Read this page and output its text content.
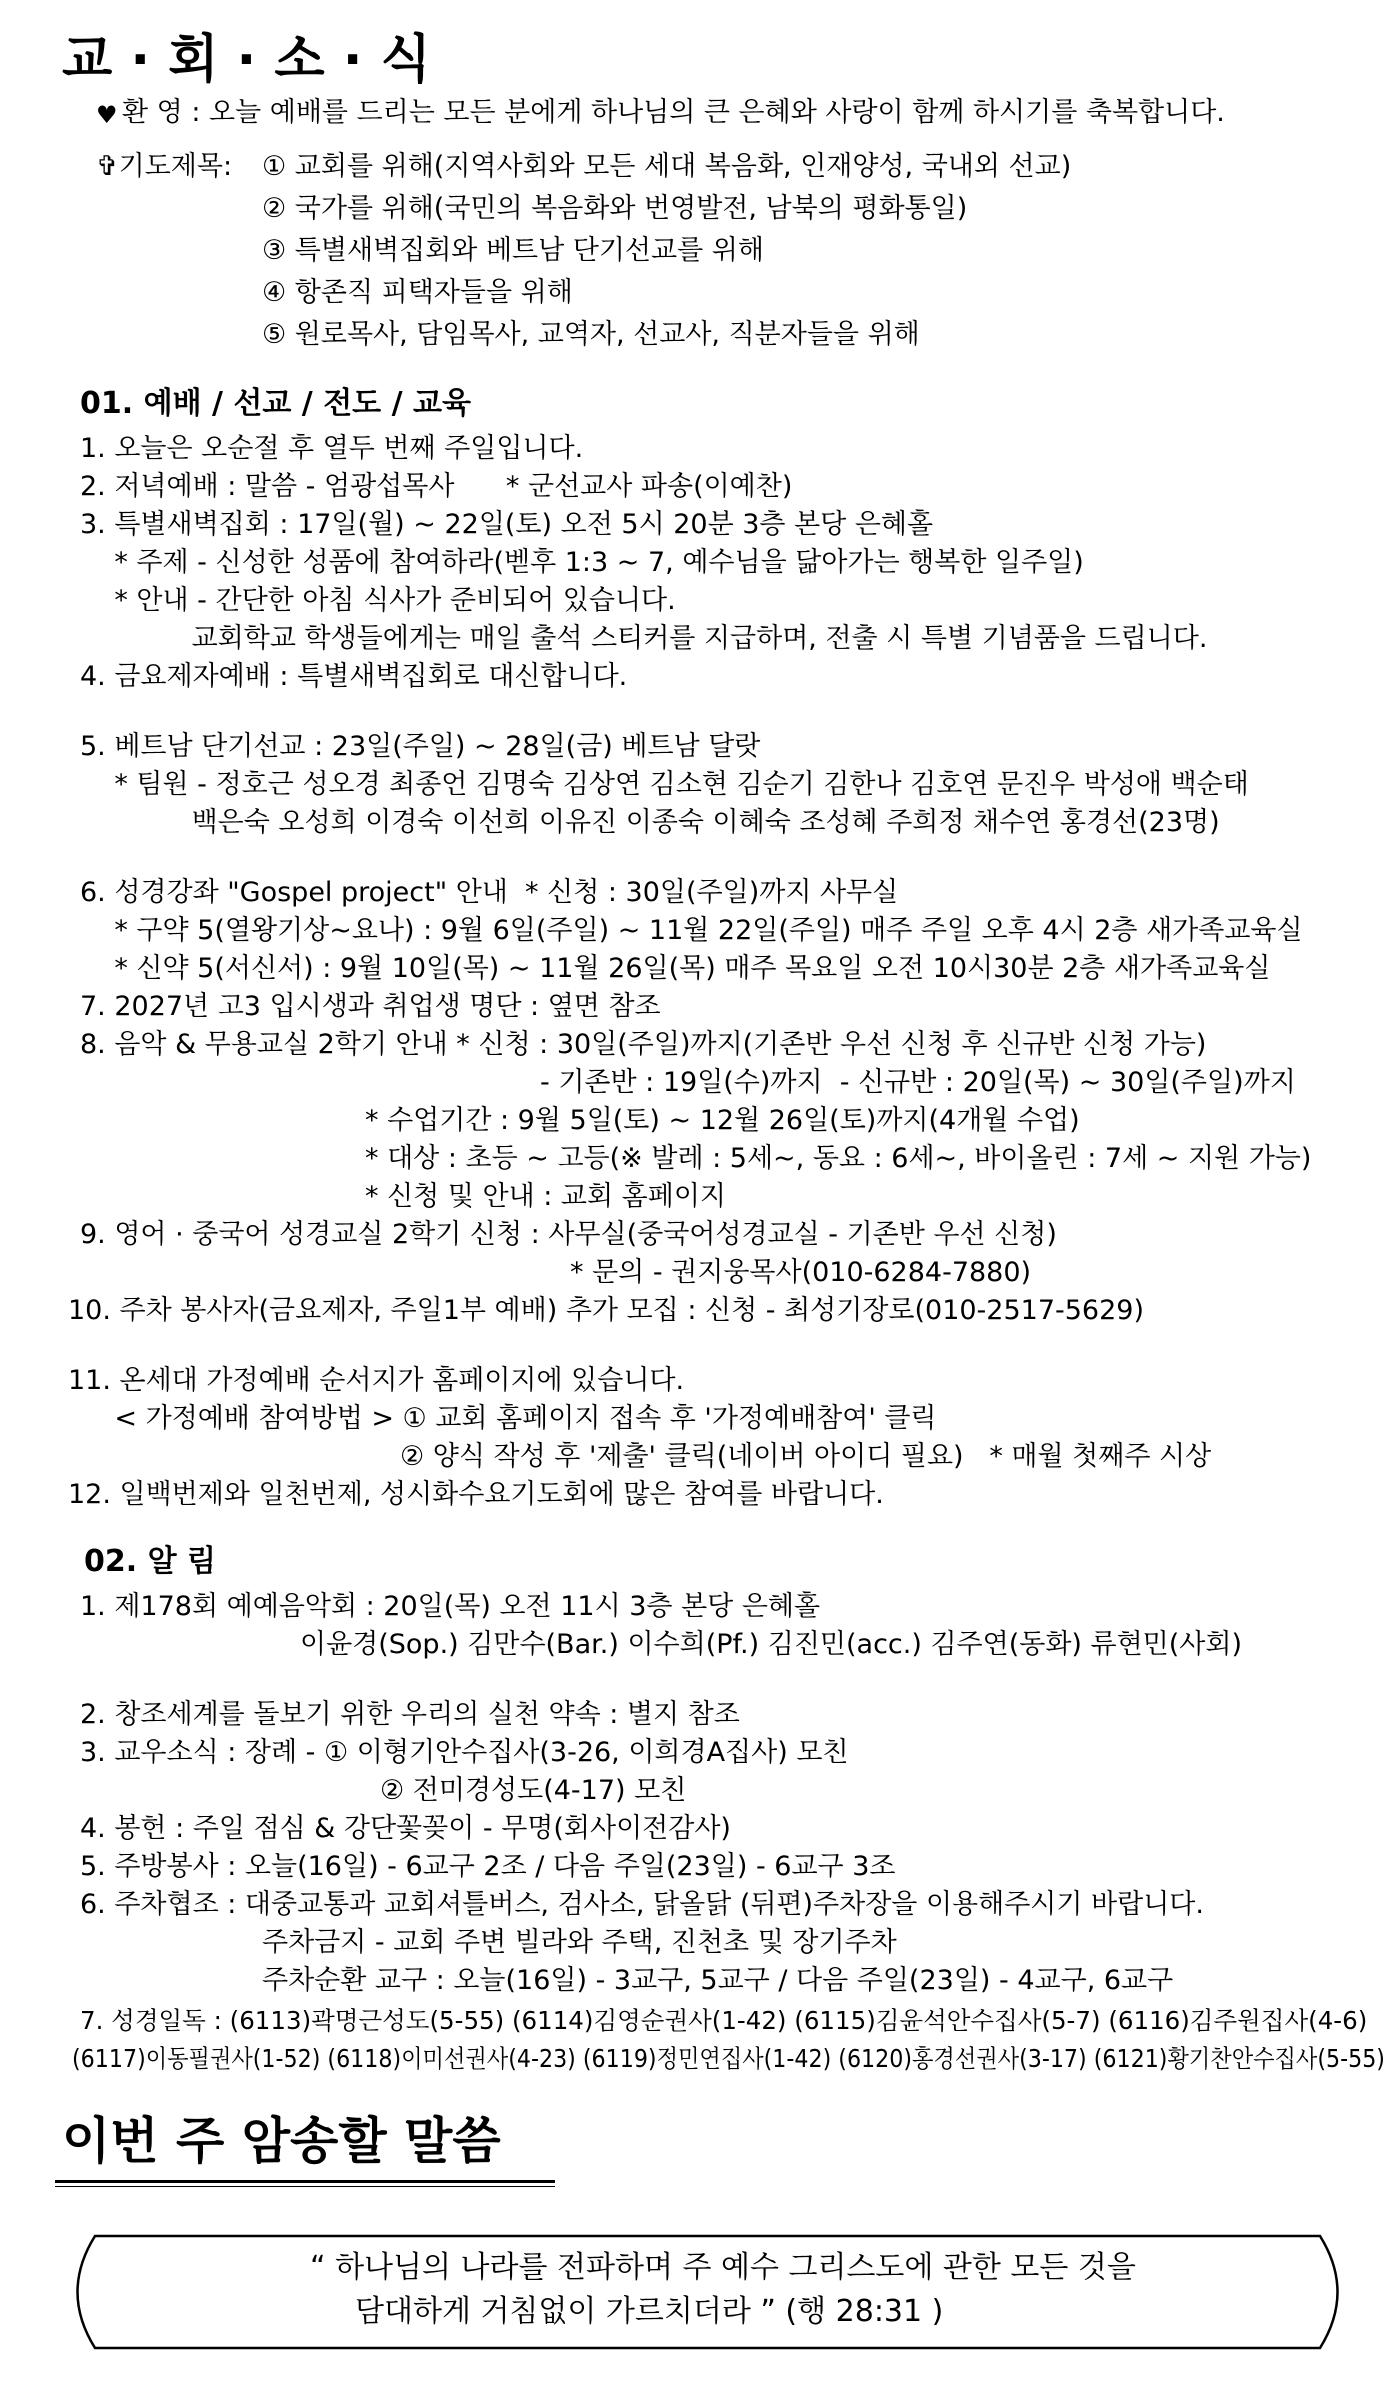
교 · 회 · 소 · 식
♥ 환 영 : 오늘 예배를 드리는 모든 분에게 하나님의 큰 은혜와 사랑이 함께 하시기를 축복합니다.
✞기도제목: ① 교회를 위해(지역사회와 모든 세대 복음화, 인재양성, 국내외 선교)
② 국가를 위해(국민의 복음화와 번영발전, 남북의 평화통일)
③ 특별새벽집회와 베트남 단기선교를 위해
④ 항존직 피택자들을 위해
⑤ 원로목사, 담임목사, 교역자, 선교사, 직분자들을 위해
01. 예배 / 선교 / 전도 / 교육
1. 오늘은 오순절 후 열두 번째 주일입니다.
2. 저녁예배 : 말씀 - 엄광섭목사      * 군선교사 파송(이예찬)
3. 특별새벽집회 : 17일(월) ~ 22일(토) 오전 5시 20분 3층 본당 은혜홀
* 주제 - 신성한 성품에 참여하라(벧후 1:3 ~ 7, 예수님을 닮아가는 행복한 일주일)
* 안내 - 간단한 아침 식사가 준비되어 있습니다.
교회학교 학생들에게는 매일 출석 스티커를 지급하며, 전출 시 특별 기념품을 드립니다.
4. 금요제자예배 : 특별새벽집회로 대신합니다.
5. 베트남 단기선교 : 23일(주일) ~ 28일(금) 베트남 달랏
* 팀원 - 정호근 성오경 최종언 김명숙 김상연 김소현 김순기 김한나 김호연 문진우 박성애 백순태
백은숙 오성희 이경숙 이선희 이유진 이종숙 이혜숙 조성혜 주희정 채수연 홍경선(23명)
6. 성경강좌 "Gospel project" 안내  * 신청 : 30일(주일)까지 사무실
* 구약 5(열왕기상~요나) : 9월 6일(주일) ~ 11월 22일(주일) 매주 주일 오후 4시 2층 새가족교육실
* 신약 5(서신서) : 9월 10일(목) ~ 11월 26일(목) 매주 목요일 오전 10시30분 2층 새가족교육실
7. 2027년 고3 입시생과 취업생 명단 : 옆면 참조
8. 음악 & 무용교실 2학기 안내 * 신청 : 30일(주일)까지(기존반 우선 신청 후 신규반 신청 가능)
- 기존반 : 19일(수)까지  - 신규반 : 20일(목) ~ 30일(주일)까지
* 수업기간 : 9월 5일(토) ~ 12월 26일(토)까지(4개월 수업)
* 대상 : 초등 ~ 고등(※ 발레 : 5세~, 동요 : 6세~, 바이올린 : 7세 ~ 지원 가능)
* 신청 및 안내 : 교회 홈페이지
9. 영어 · 중국어 성경교실 2학기 신청 : 사무실(중국어성경교실 - 기존반 우선 신청)
* 문의 - 권지웅목사(010-6284-7880)
10. 주차 봉사자(금요제자, 주일1부 예배) 추가 모집 : 신청 - 최성기장로(010-2517-5629)
11. 온세대 가정예배 순서지가 홈페이지에 있습니다.
< 가정예배 참여방법 > ① 교회 홈페이지 접속 후 '가정예배참여' 클릭
② 양식 작성 후 '제출' 클릭(네이버 아이디 필요)   * 매월 첫째주 시상
12. 일백번제와 일천번제, 성시화수요기도회에 많은 참여를 바랍니다.
02. 알 림
1. 제178회 예예음악회 : 20일(목) 오전 11시 3층 본당 은혜홀
이윤경(Sop.) 김만수(Bar.) 이수희(Pf.) 김진민(acc.) 김주연(동화) 류현민(사회)
2. 창조세계를 돌보기 위한 우리의 실천 약속 : 별지 참조
3. 교우소식 : 장례 - ① 이형기안수집사(3-26, 이희경A집사) 모친
② 전미경성도(4-17) 모친
4. 봉헌 : 주일 점심 & 강단꽃꽂이 - 무명(회사이전감사)
5. 주방봉사 : 오늘(16일) - 6교구 2조 / 다음 주일(23일) - 6교구 3조
6. 주차협조 : 대중교통과 교회셔틀버스, 검사소, 닭올닭 (뒤편)주차장을 이용해주시기 바랍니다.
주차금지 - 교회 주변 빌라와 주택, 진천초 및 장기주차
주차순환 교구 : 오늘(16일) - 3교구, 5교구 / 다음 주일(23일) - 4교구, 6교구
7. 성경일독 : (6113)곽명근성도(5-55) (6114)김영순권사(1-42) (6115)김윤석안수집사(5-7) (6116)김주원집사(4-6)
(6117)이동필권사(1-52) (6118)이미선권사(4-23) (6119)정민연집사(1-42) (6120)홍경선권사(3-17) (6121)황기찬안수집사(5-55)
이번 주 암송할 말씀
“ 하나님의 나라를 전파하며 주 예수 그리스도에 관한 모든 것을
담대하게 거침없이 가르치더라 ” (행 28:31 )
